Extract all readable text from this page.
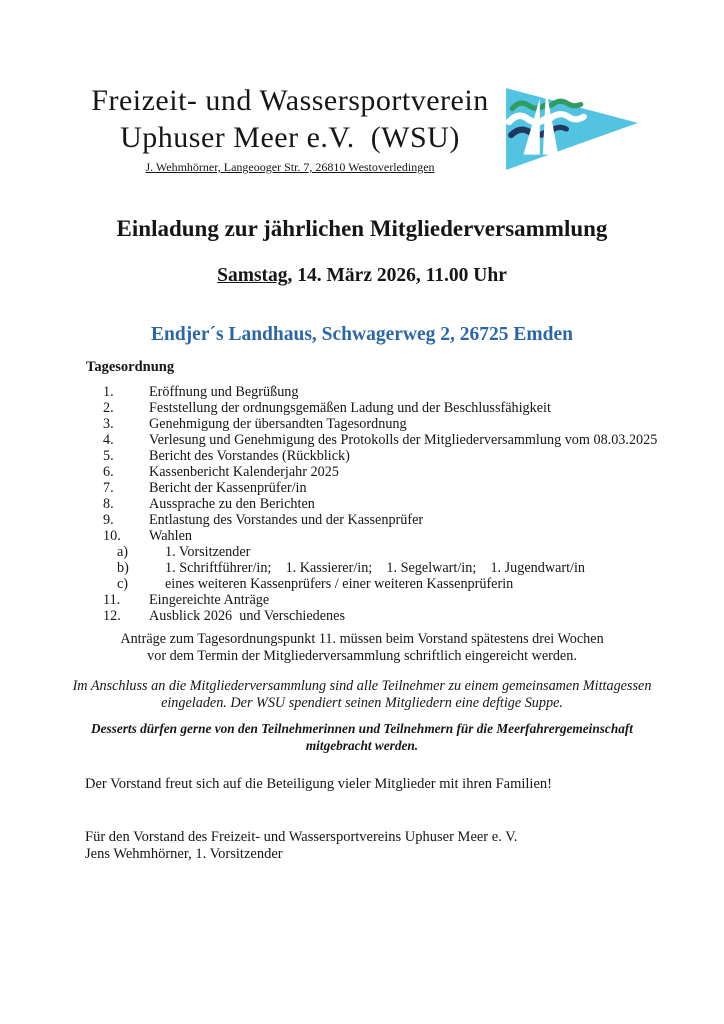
Freizeit- und Wassersportverein
Uphuser Meer e.V.  (WSU)
J. Wehmhörner, Langeooger Str. 7, 26810 Westoverledingen
Einladung zur jährlichen Mitgliederversammlung
Samstag, 14. März 2026, 11.00 Uhr
Endjer´s Landhaus, Schwagerweg 2, 26725 Emden
Tagesordnung
1.	Eröffnung und Begrüßung
2.	Feststellung der ordnungsgemäßen Ladung und der Beschlussfähigkeit
3.	Genehmigung der übersandten Tagesordnung
4.	Verlesung und Genehmigung des Protokolls der Mitgliederversammlung vom 08.03.2025
5.	Bericht des Vorstandes (Rückblick)
6.	Kassenbericht Kalenderjahr 2025
7.	Bericht der Kassenprüfer/in
8.	Aussprache zu den Berichten
9.	Entlastung des Vorstandes und der Kassenprüfer
10.	Wahlen
a)	1. Vorsitzender
b)	1. Schriftführer/in;    1. Kassierer/in;    1. Segelwart/in;    1. Jugendwart/in
c)	eines weiteren Kassenprüfers / einer weiteren Kassenprüferin
11.	Eingereichte Anträge
12.	Ausblick 2026  und Verschiedenes
Anträge zum Tagesordnungspunkt 11. müssen beim Vorstand spätestens drei Wochen
vor dem Termin der Mitgliederversammlung schriftlich eingereicht werden.
Im Anschluss an die Mitgliederversammlung sind alle Teilnehmer zu einem gemeinsamen Mittagessen
eingeladen. Der WSU spendiert seinen Mitgliedern eine deftige Suppe.
Desserts dürfen gerne von den Teilnehmerinnen und Teilnehmern für die Meerfahrergemeinschaft
mitgebracht werden.
Der Vorstand freut sich auf die Beteiligung vieler Mitglieder mit ihren Familien!
Für den Vorstand des Freizeit- und Wassersportvereins Uphuser Meer e. V.
Jens Wehmhörner, 1. Vorsitzender
